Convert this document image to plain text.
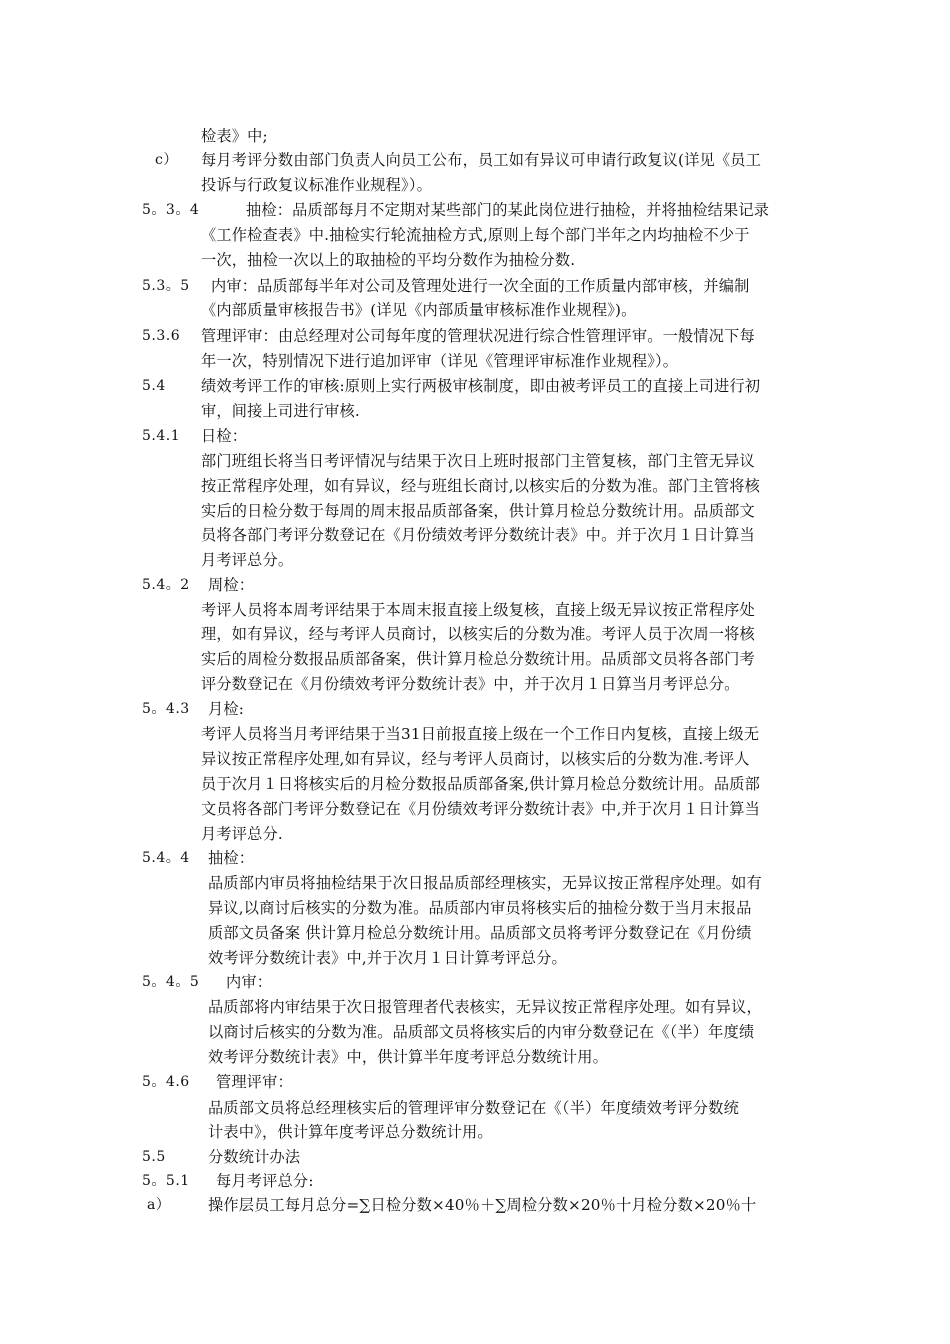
c）
5。3。4
5.3。5
5.3.6
5.4
5.4.1
5.4。2
5。4.3
5.4。4
5。4。5
5。4.6
5.5
5。5.1
a）
检表》中;
每月考评分数由部门负责人向员工公布，员工如有异议可申请行政复议(详见《员工
投诉与行政复议标准作业规程》）。
抽检：品质部每月不定期对某些部门的某此岗位进行抽检，并将抽检结果记录
《工作检查表》中.抽检实行轮流抽检方式,原则上每个部门半年之内均抽检不少于
一次，抽检一次以上的取抽检的平均分数作为抽检分数.
内审：品质部每半年对公司及管理处进行一次全面的工作质量内部审核，并编制
《内部质量审核报告书》(详见《内部质量审核标准作业规程》)。
管理评审：由总经理对公司每年度的管理状况进行综合性管理评审。一般情况下每
年一次，特别情况下进行追加评审（详见《管理评审标准作业规程》）。
绩效考评工作的审核:原则上实行两极审核制度，即由被考评员工的直接上司进行初
审，间接上司进行审核.
日检：
部门班组长将当日考评情况与结果于次日上班时报部门主管复核，部门主管无异议
按正常程序处理，如有异议，经与班组长商讨,以核实后的分数为准。部门主管将核
实后的日检分数于每周的周末报品质部备案，供计算月检总分数统计用。品质部文
员将各部门考评分数登记在《月份绩效考评分数统计表》中。并于次月１日计算当
月考评总分。
周检：
考评人员将本周考评结果于本周末报直接上级复核，直接上级无异议按正常程序处
理，如有异议，经与考评人员商讨，以核实后的分数为准。考评人员于次周一将核
实后的周检分数报品质部备案，供计算月检总分数统计用。品质部文员将各部门考
评分数登记在《月份绩效考评分数统计表》中，并于次月１日算当月考评总分。
月检:
考评人员将当月考评结果于当31日前报直接上级在一个工作日内复核，直接上级无
异议按正常程序处理,如有异议，经与考评人员商讨，以核实后的分数为准.考评人
员于次月１日将核实后的月检分数报品质部备案,供计算月检总分数统计用。品质部
文员将各部门考评分数登记在《月份绩效考评分数统计表》中,并于次月１日计算当
月考评总分.
抽检：
品质部内审员将抽检结果于次日报品质部经理核实，无异议按正常程序处理。如有
异议,以商讨后核实的分数为准。品质部内审员将核实后的抽检分数于当月末报品
质部文员备案 供计算月检总分数统计用。品质部文员将考评分数登记在《月份绩
效考评分数统计表》中,并于次月１日计算考评总分。
内审：
品质部将内审结果于次日报管理者代表核实，无异议按正常程序处理。如有异议，
以商讨后核实的分数为准。品质部文员将核实后的内审分数登记在《（半）年度绩
效考评分数统计表》中，供计算半年度考评总分数统计用。
管理评审：
品质部文员将总经理核实后的管理评审分数登记在《（半）年度绩效考评分数统
计表中》，供计算年度考评总分数统计用。
分数统计办法
每月考评总分:
操作层员工每月总分=∑日检分数×40％＋∑周检分数×20％十月检分数×20％十
